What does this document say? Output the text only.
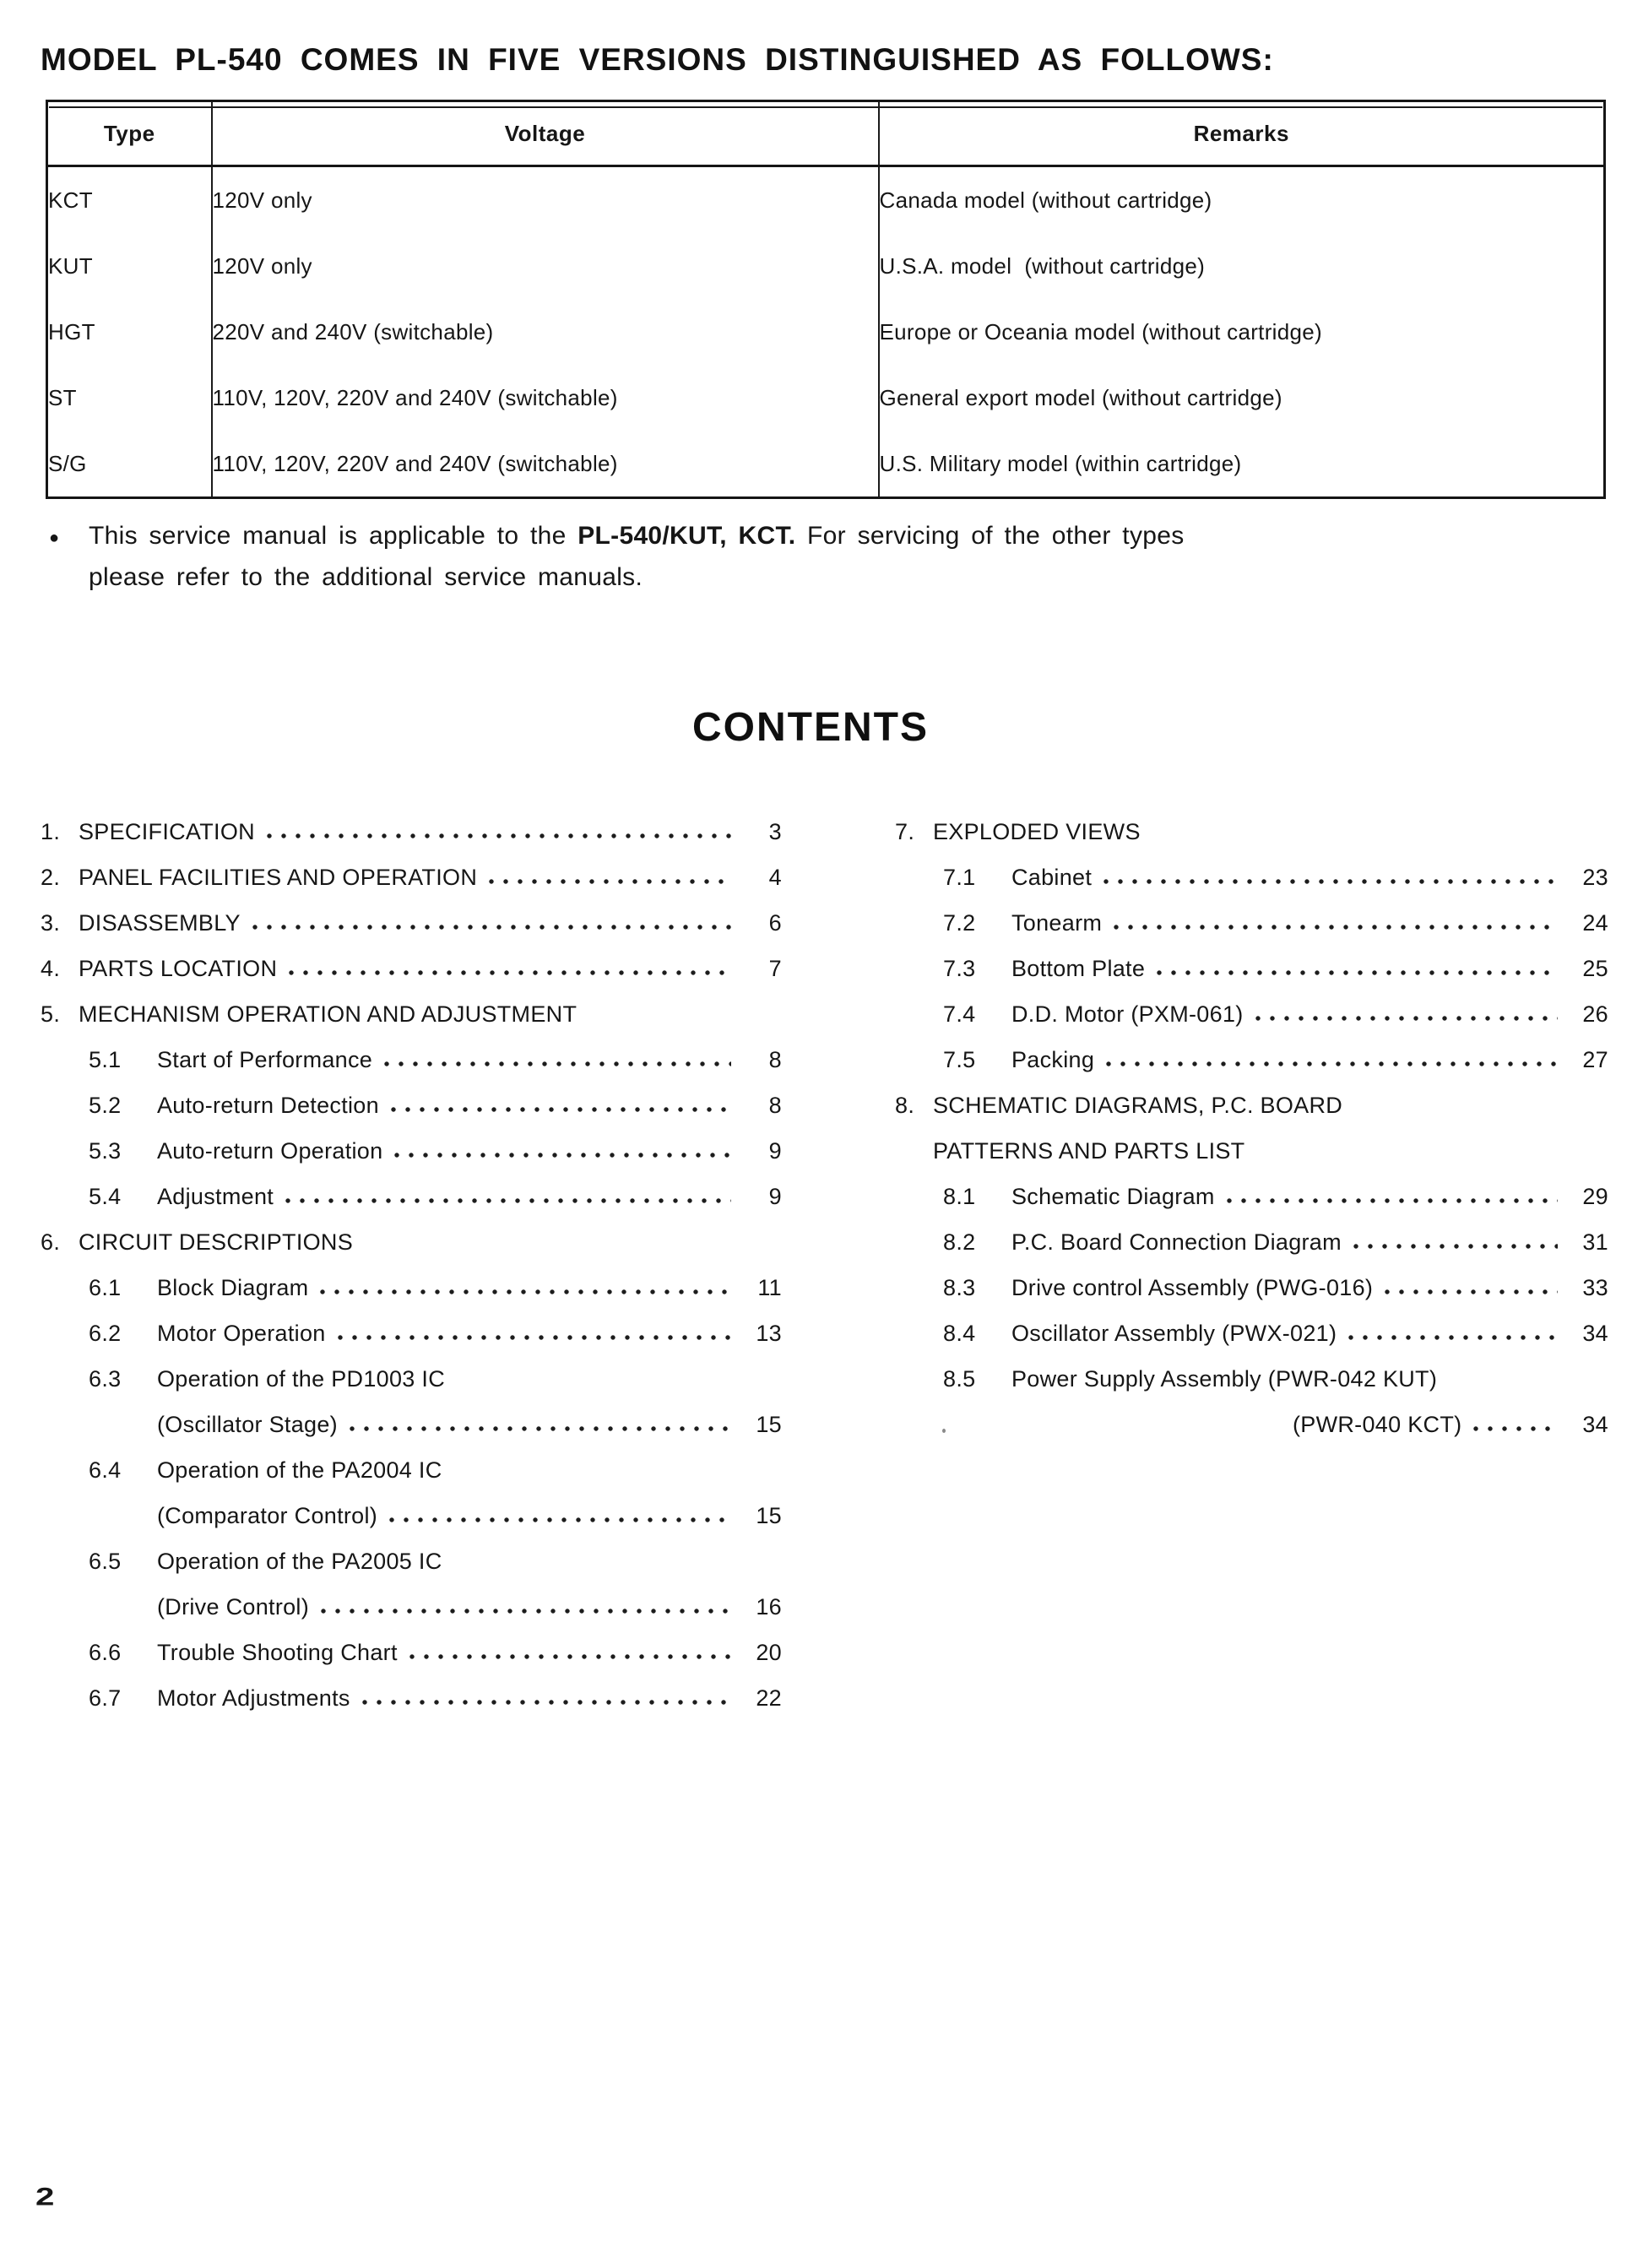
MODEL PL-540 COMES IN FIVE VERSIONS DISTINGUISHED AS FOLLOWS:
Type	Voltage	Remarks
KCT	120V only	Canada model (without cartridge)
KUT	120V only	U.S.A. model  (without cartridge)
HGT	220V and 240V (switchable)	Europe or Oceania model (without cartridge)
ST	110V, 120V, 220V and 240V (switchable)	General export model (without cartridge)
S/G	110V, 120V, 220V and 240V (switchable)	U.S. Military model (within cartridge)
● This service manual is applicable to the PL-540/KUT, KCT. For servicing of the other types
please refer to the additional service manuals.

CONTENTS
1. SPECIFICATION	3
2. PANEL FACILITIES AND OPERATION	4
3. DISASSEMBLY	6
4. PARTS LOCATION	7
5. MECHANISM OPERATION AND ADJUSTMENT
5.1	Start of Performance	8
5.2	Auto-return Detection	8
5.3	Auto-return Operation	9
5.4	Adjustment	9
6. CIRCUIT DESCRIPTIONS
6.1	Block Diagram	11
6.2	Motor Operation	13
6.3	Operation of the PD1003 IC
(Oscillator Stage)	15
6.4	Operation of the PA2004 IC
(Comparator Control)	15
6.5	Operation of the PA2005 IC
(Drive Control)	16
6.6	Trouble Shooting Chart	20
6.7	Motor Adjustments	22
7. EXPLODED VIEWS
7.1	Cabinet	23
7.2	Tonearm	24
7.3	Bottom Plate	25
7.4	D.D. Motor (PXM-061)	26
7.5	Packing	27
8. SCHEMATIC DIAGRAMS, P.C. BOARD
PATTERNS AND PARTS LIST
8.1	Schematic Diagram	29
8.2	P.C. Board Connection Diagram	31
8.3	Drive control Assembly (PWG-016)	33
8.4	Oscillator Assembly (PWX-021)	34
8.5	Power Supply Assembly (PWR-042 KUT)
(PWR-040 KCT)	34
2
